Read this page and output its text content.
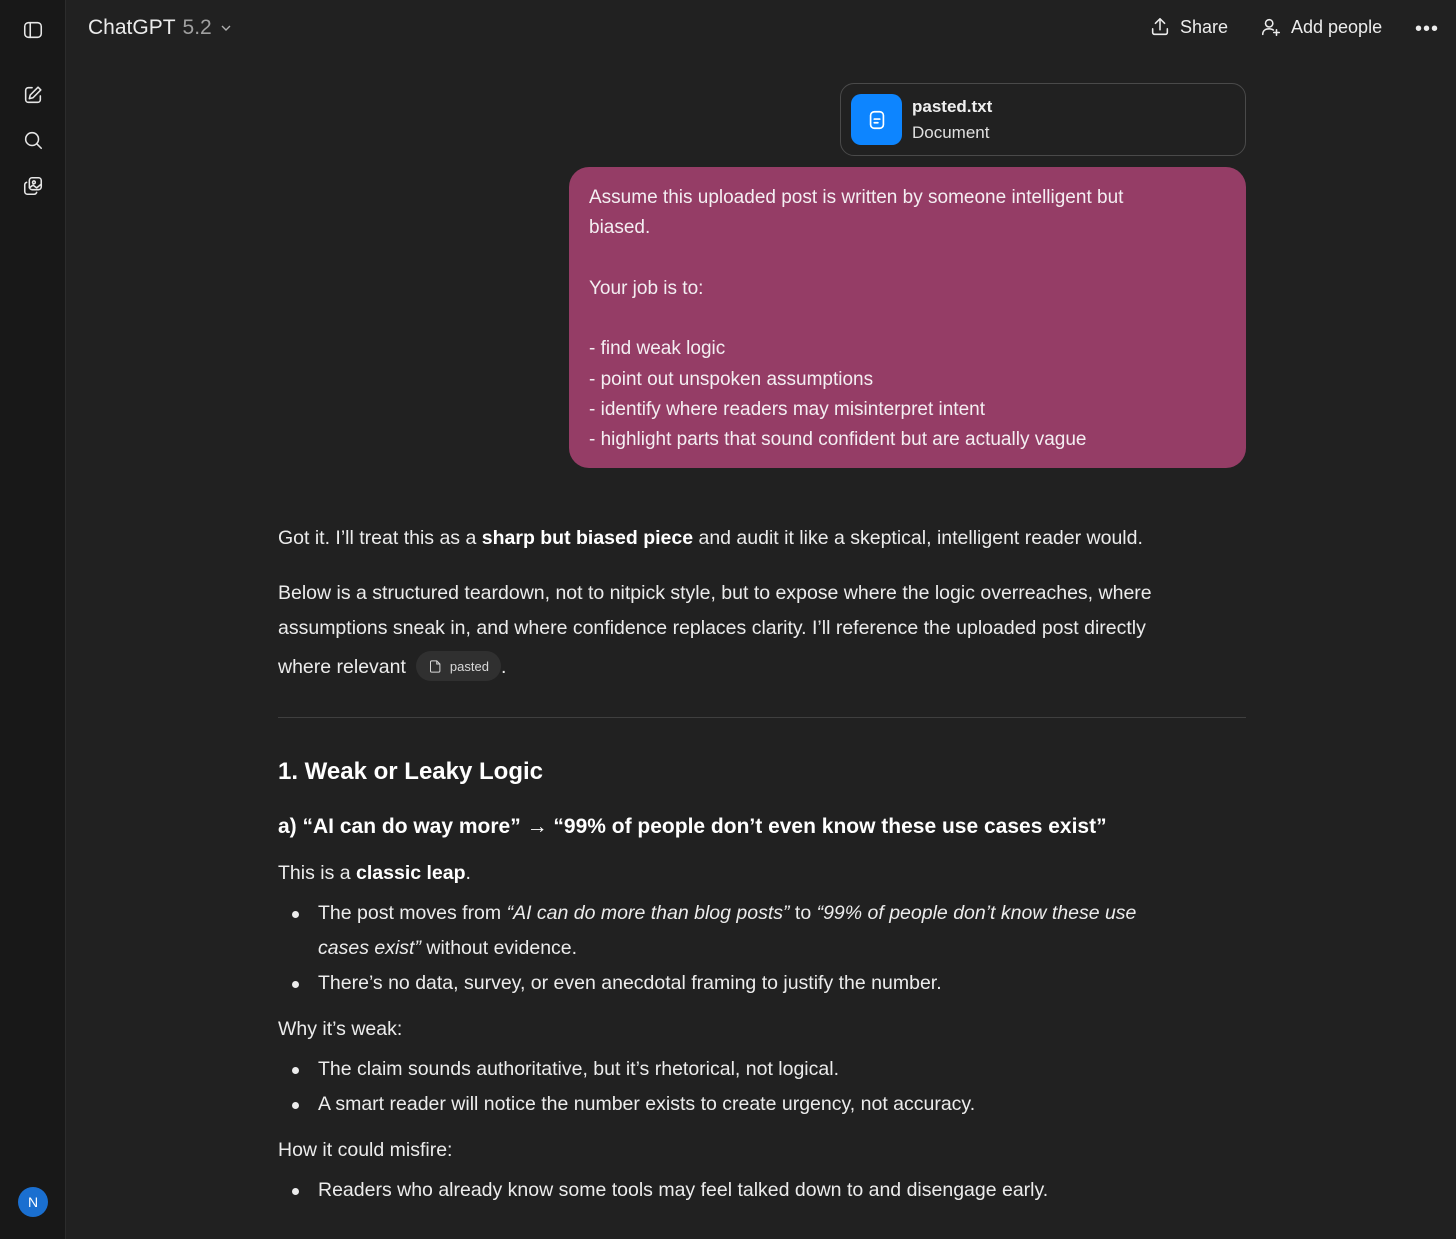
N
ChatGPT 5.2	Share	Add people •••
pasted.txt
Document

Assume this uploaded post is written by someone intelligent but
biased.

Your job is to:

- find weak logic
- point out unspoken assumptions
- identify where readers may misinterpret intent
- highlight parts that sound confident but are actually vague

Got it. I’ll treat this as a sharp but biased piece and audit it like a skeptical, intelligent reader would.
Below is a structured teardown, not to nitpick style, but to expose where the logic overreaches, where
assumptions sneak in, and where confidence replaces clarity. I’ll reference the uploaded post directly
where relevant	pasted .
1. Weak or Leaky Logic
a) “AI can do way more” → “99% of people don’t even know these use cases exist”
This is a classic leap.
The post moves from “AI can do more than blog posts” to “99% of people don’t know these use
cases exist” without evidence.
There’s no data, survey, or even anecdotal framing to justify the number.
Why it’s weak:
The claim sounds authoritative, but it’s rhetorical, not logical.
A smart reader will notice the number exists to create urgency, not accuracy.
How it could misfire:
Readers who already know some tools may feel talked down to and disengage early.
